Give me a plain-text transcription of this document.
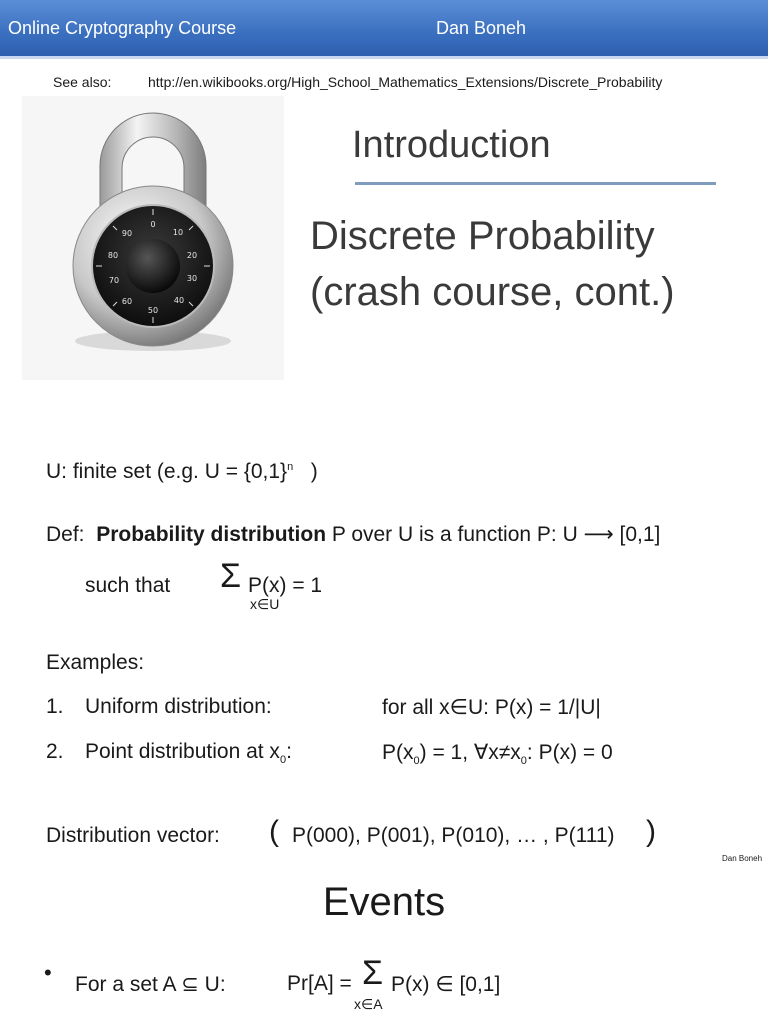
Online Cryptography Course	Dan Boneh
See also:	http://en.wikibooks.org/High_School_Mathematics_Extensions/Discrete_Probability
0
10
20
30
40
50
60
70
80
90
Introduction
Discrete Probability
(crash course, cont.)
U: finite set (e.g. $U = \{0,1\}^n$ )
Def: Probability distribution P over U is a function P: U ⟶ [0,1]
such that Σ P(x) = 1
x∈U
Examples:
1. Uniform distribution:	for all x∈U: P(x) = 1/|U|
2. Point distribution at $x_0$:	$P(x_0) = 1$, $\forall x\ne x_0$: P(x) = 0
Distribution vector: ( P(000), P(001), P(010), … , P(111) )
Dan Boneh
Events
• For a set A ⊆ U:	Pr[A] = Σ
x∈A
P(x) ∈ [0,1]
